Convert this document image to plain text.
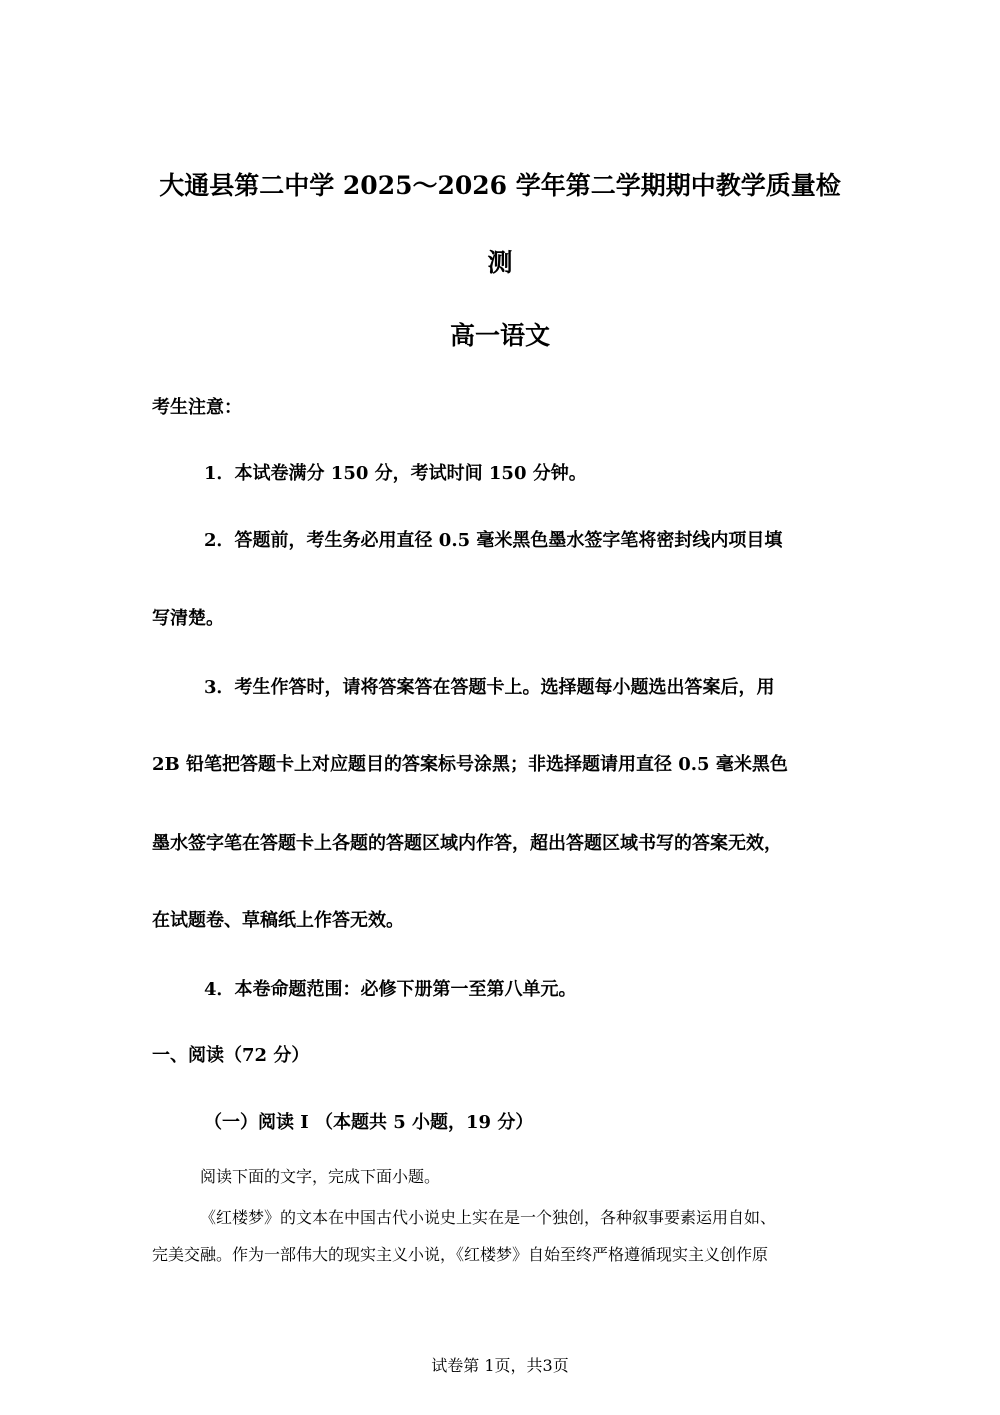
大通县第二中学 2025～2026 学年第二学期期中教学质量检
测
高一语文
考生注意：
1．本试卷满分 150 分，考试时间 150 分钟。
2．答题前，考生务必用直径 0.5 毫米黑色墨水签字笔将密封线内项目填
写清楚。
3．考生作答时，请将答案答在答题卡上。选择题每小题选出答案后，用
2B 铅笔把答题卡上对应题目的答案标号涂黑；非选择题请用直径 0.5 毫米黑色
墨水签字笔在答题卡上各题的答题区域内作答，超出答题区域书写的答案无效，
在试题卷、草稿纸上作答无效。
4．本卷命题范围：必修下册第一至第八单元。
一、阅读（72 分）
（一）阅读 I （本题共 5 小题，19 分）
阅读下面的文字，完成下面小题。
《红楼梦》的文本在中国古代小说史上实在是一个独创，各种叙事要素运用自如、
完美交融。作为一部伟大的现实主义小说，《红楼梦》自始至终严格遵循现实主义创作原
试卷第 1页，共3页
